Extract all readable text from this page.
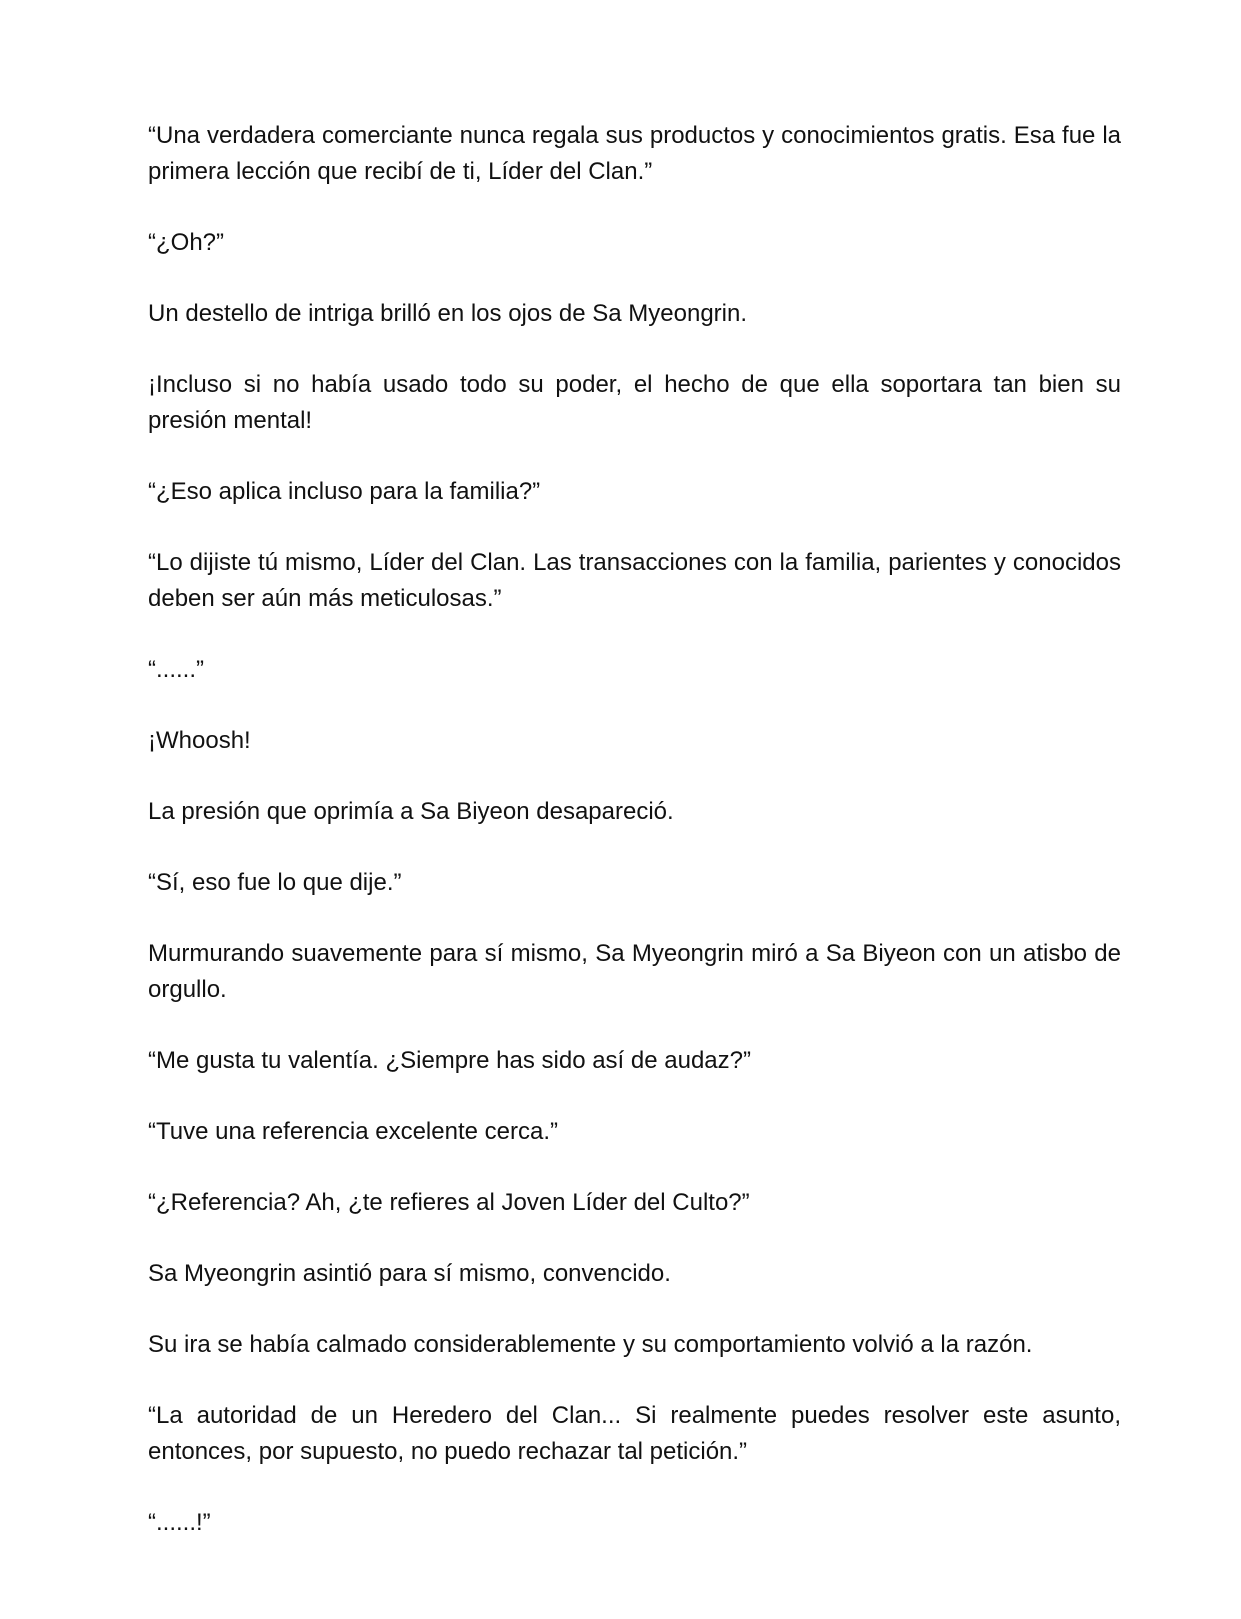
“Una verdadera comerciante nunca regala sus productos y conocimientos gratis. Esa fue la primera lección que recibí de ti, Líder del Clan.”

“¿Oh?”

Un destello de intriga brilló en los ojos de Sa Myeongrin.

¡Incluso si no había usado todo su poder, el hecho de que ella soportara tan bien su presión mental!

“¿Eso aplica incluso para la familia?”

“Lo dijiste tú mismo, Líder del Clan. Las transacciones con la familia, parientes y conocidos deben ser aún más meticulosas.”

“......”

¡Whoosh!

La presión que oprimía a Sa Biyeon desapareció.

“Sí, eso fue lo que dije.”

Murmurando suavemente para sí mismo, Sa Myeongrin miró a Sa Biyeon con un atisbo de orgullo.

“Me gusta tu valentía. ¿Siempre has sido así de audaz?”

“Tuve una referencia excelente cerca.”

“¿Referencia? Ah, ¿te refieres al Joven Líder del Culto?”

Sa Myeongrin asintió para sí mismo, convencido.

Su ira se había calmado considerablemente y su comportamiento volvió a la razón.

“La autoridad de un Heredero del Clan... Si realmente puedes resolver este asunto, entonces, por supuesto, no puedo rechazar tal petición.”

“......!”
